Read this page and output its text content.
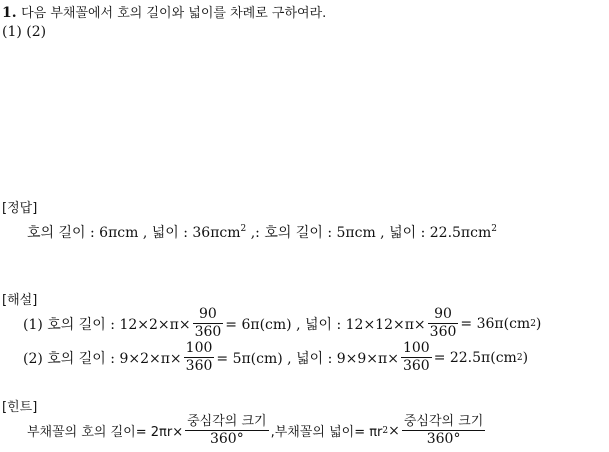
1. 다음 부채꼴에서 호의 길이와 넓이를 차례로 구하여라.
(1) (2)
[정답]
호의 길이 : 6πcm , 넓이 : 36πcm$^2$ ,: 호의 길이 : 5πcm , 넓이 : 22.5πcm$^2$
[해설]
(1) 호의 길이 : $12\times 2\times\pi\times \frac{90}{360} = 6\pi(cm)$ , 넓이 : $12\times 12\times\pi\times \frac{90}{360} = 36\pi(cm$ 2 )
(2) 호의 길이 : $9\times 2\times\pi\times \frac{100}{360} = 5\pi(cm)$ , 넓이 : $9\times 9\times\pi\times \frac{100}{360} = 22.5\pi(cm$ 2 )
[힌트]
부채꼴의 호의 길이= $2\pi r\times \frac{\text{중심각의 크기}}{360^\circ}$ ,부채꼴의 넓이= πr $2 \times \frac{\text{중심각의 크기}}{360^\circ}$
